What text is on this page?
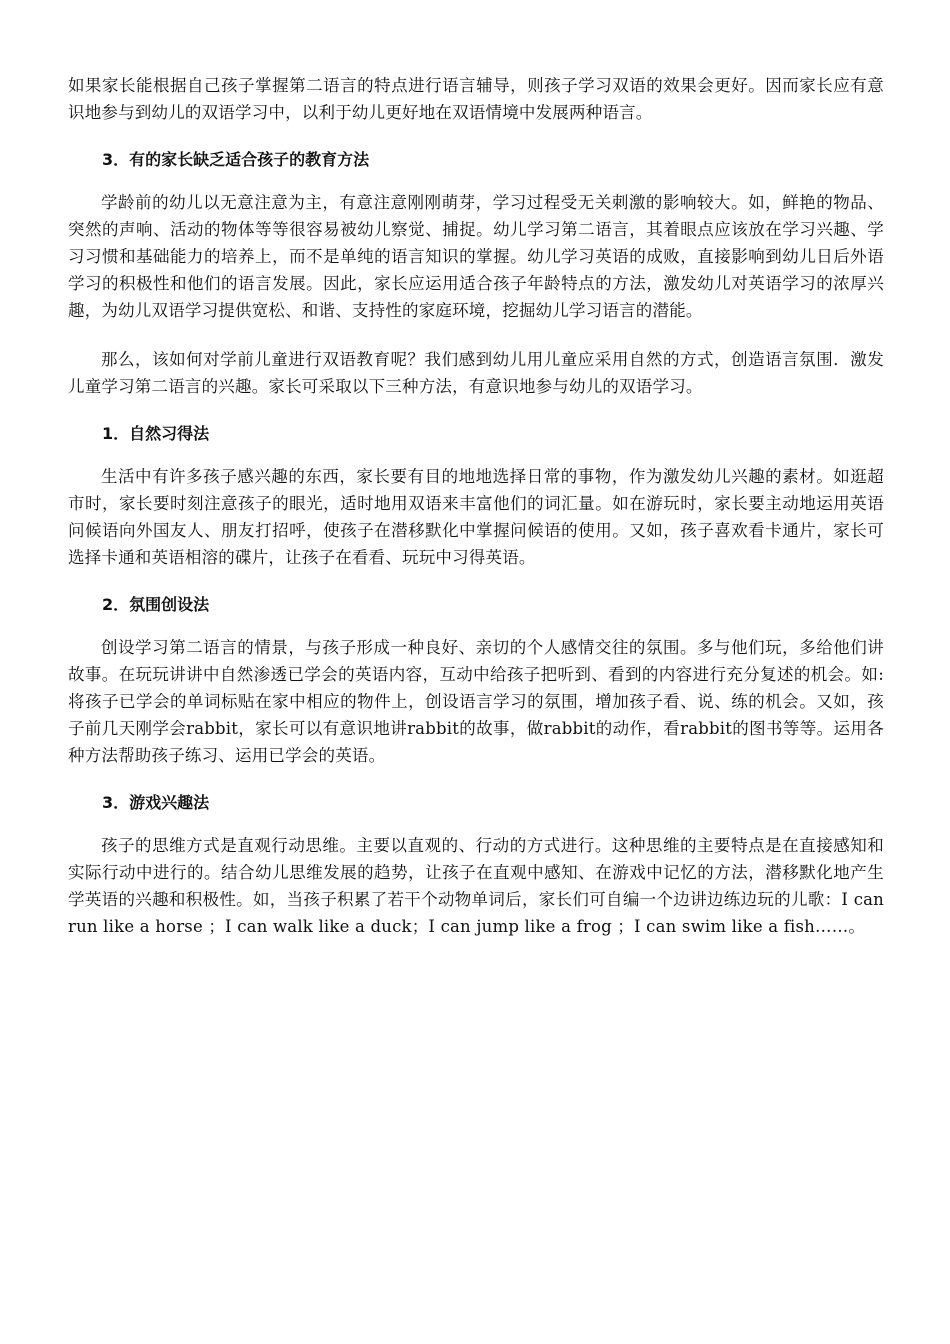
如果家长能根据自己孩子掌握第二语言的特点进行语言辅导，则孩子学习双语的效果会更好。因而家长应有意识地参与到幼儿的双语学习中，以利于幼儿更好地在双语情境中发展两种语言。

3．有的家长缺乏适合孩子的教育方法

学龄前的幼儿以无意注意为主，有意注意刚刚萌芽，学习过程受无关刺激的影响较大。如，鲜艳的物品、突然的声响、活动的物体等等很容易被幼儿察觉、捕捉。幼儿学习第二语言，其着眼点应该放在学习兴趣、学习习惯和基础能力的培养上，而不是单纯的语言知识的掌握。幼儿学习英语的成败，直接影响到幼儿日后外语学习的积极性和他们的语言发展。因此，家长应运用适合孩子年龄特点的方法，激发幼儿对英语学习的浓厚兴趣，为幼儿双语学习提供宽松、和谐、支持性的家庭环境，挖掘幼儿学习语言的潜能。

那么，该如何对学前儿童进行双语教育呢？我们感到幼儿用儿童应采用自然的方式，创造语言氛围．激发儿童学习第二语言的兴趣。家长可采取以下三种方法，有意识地参与幼儿的双语学习。

1．自然习得法

生活中有许多孩子感兴趣的东西，家长要有目的地地选择日常的事物，作为激发幼儿兴趣的素材。如逛超市时，家长要时刻注意孩子的眼光，适时地用双语来丰富他们的词汇量。如在游玩时，家长要主动地运用英语问候语向外国友人、朋友打招呼，使孩子在潜移默化中掌握问候语的使用。又如，孩子喜欢看卡通片，家长可选择卡通和英语相溶的碟片，让孩子在看看、玩玩中习得英语。

2．氛围创设法

创设学习第二语言的情景，与孩子形成一种良好、亲切的个人感情交往的氛围。多与他们玩，多给他们讲故事。在玩玩讲讲中自然渗透已学会的英语内容，互动中给孩子把听到、看到的内容进行充分复述的机会。如:将孩子已学会的单词标贴在家中相应的物件上，创设语言学习的氛围，增加孩子看、说、练的机会。又如，孩子前几天刚学会rabbit，家长可以有意识地讲rabbit的故事，做rabbit的动作，看rabbit的图书等等。运用各种方法帮助孩子练习、运用已学会的英语。

3．游戏兴趣法

孩子的思维方式是直观行动思维。主要以直观的、行动的方式进行。这种思维的主要特点是在直接感知和实际行动中进行的。结合幼儿思维发展的趋势，让孩子在直观中感知、在游戏中记忆的方法，潜移默化地产生学英语的兴趣和积极性。如，当孩子积累了若干个动物单词后，家长们可自编一个边讲边练边玩的儿歌：I can run like a horse ；I can walk like a duck；I can jump like a frog ；I can swim like a fish……。
